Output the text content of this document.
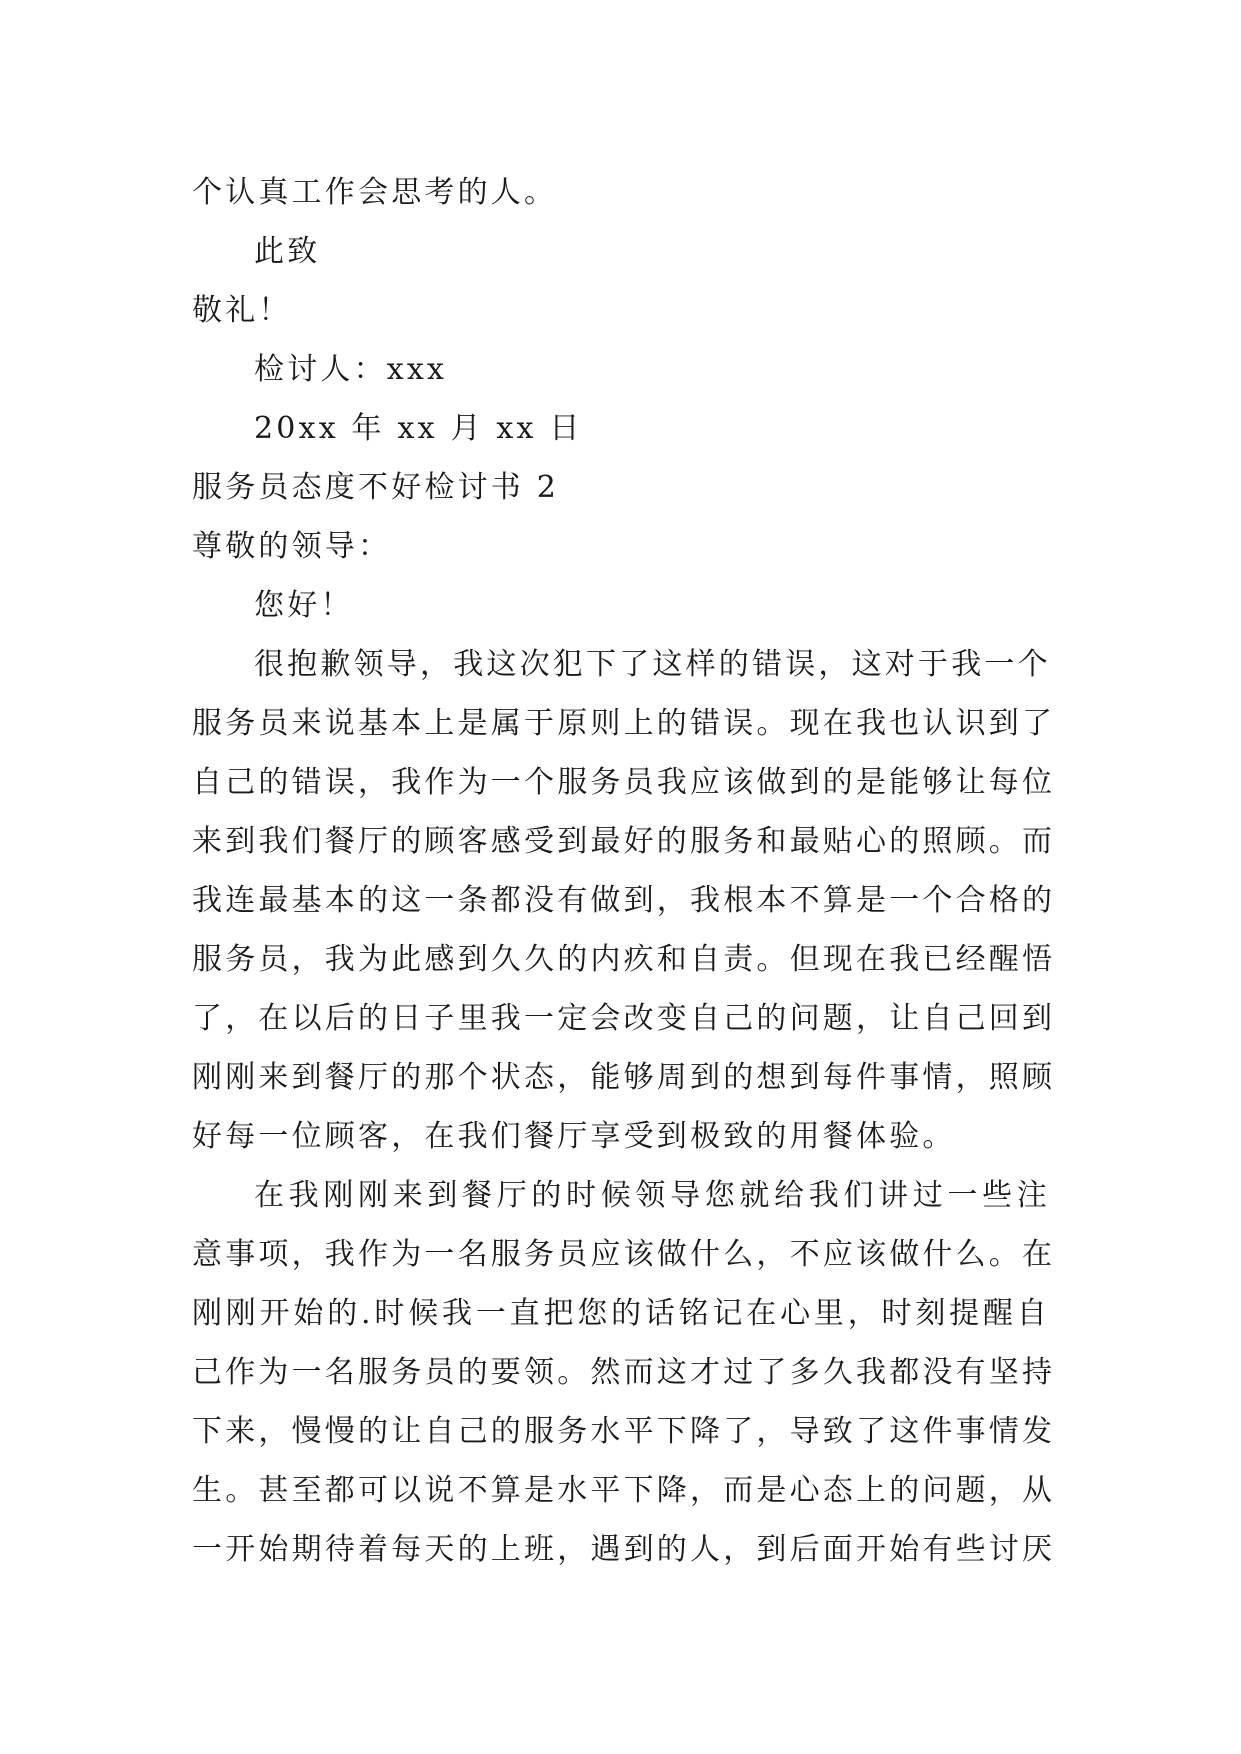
个认真工作会思考的人。

此致

敬礼！

检讨人：xxx

20xx 年 xx 月 xx 日

服务员态度不好检讨书 2

尊敬的领导：

您好！

很抱歉领导，我这次犯下了这样的错误，这对于我一个

服务员来说基本上是属于原则上的错误。现在我也认识到了

自己的错误，我作为一个服务员我应该做到的是能够让每位

来到我们餐厅的顾客感受到最好的服务和最贴心的照顾。而

我连最基本的这一条都没有做到，我根本不算是一个合格的

服务员，我为此感到久久的内疚和自责。但现在我已经醒悟

了，在以后的日子里我一定会改变自己的问题，让自己回到

刚刚来到餐厅的那个状态，能够周到的想到每件事情，照顾

好每一位顾客，在我们餐厅享受到极致的用餐体验。

在我刚刚来到餐厅的时候领导您就给我们讲过一些注

意事项，我作为一名服务员应该做什么，不应该做什么。在

刚刚开始的.时候我一直把您的话铭记在心里，时刻提醒自

己作为一名服务员的要领。然而这才过了多久我都没有坚持

下来，慢慢的让自己的服务水平下降了，导致了这件事情发

生。甚至都可以说不算是水平下降，而是心态上的问题，从

一开始期待着每天的上班，遇到的人，到后面开始有些讨厌
